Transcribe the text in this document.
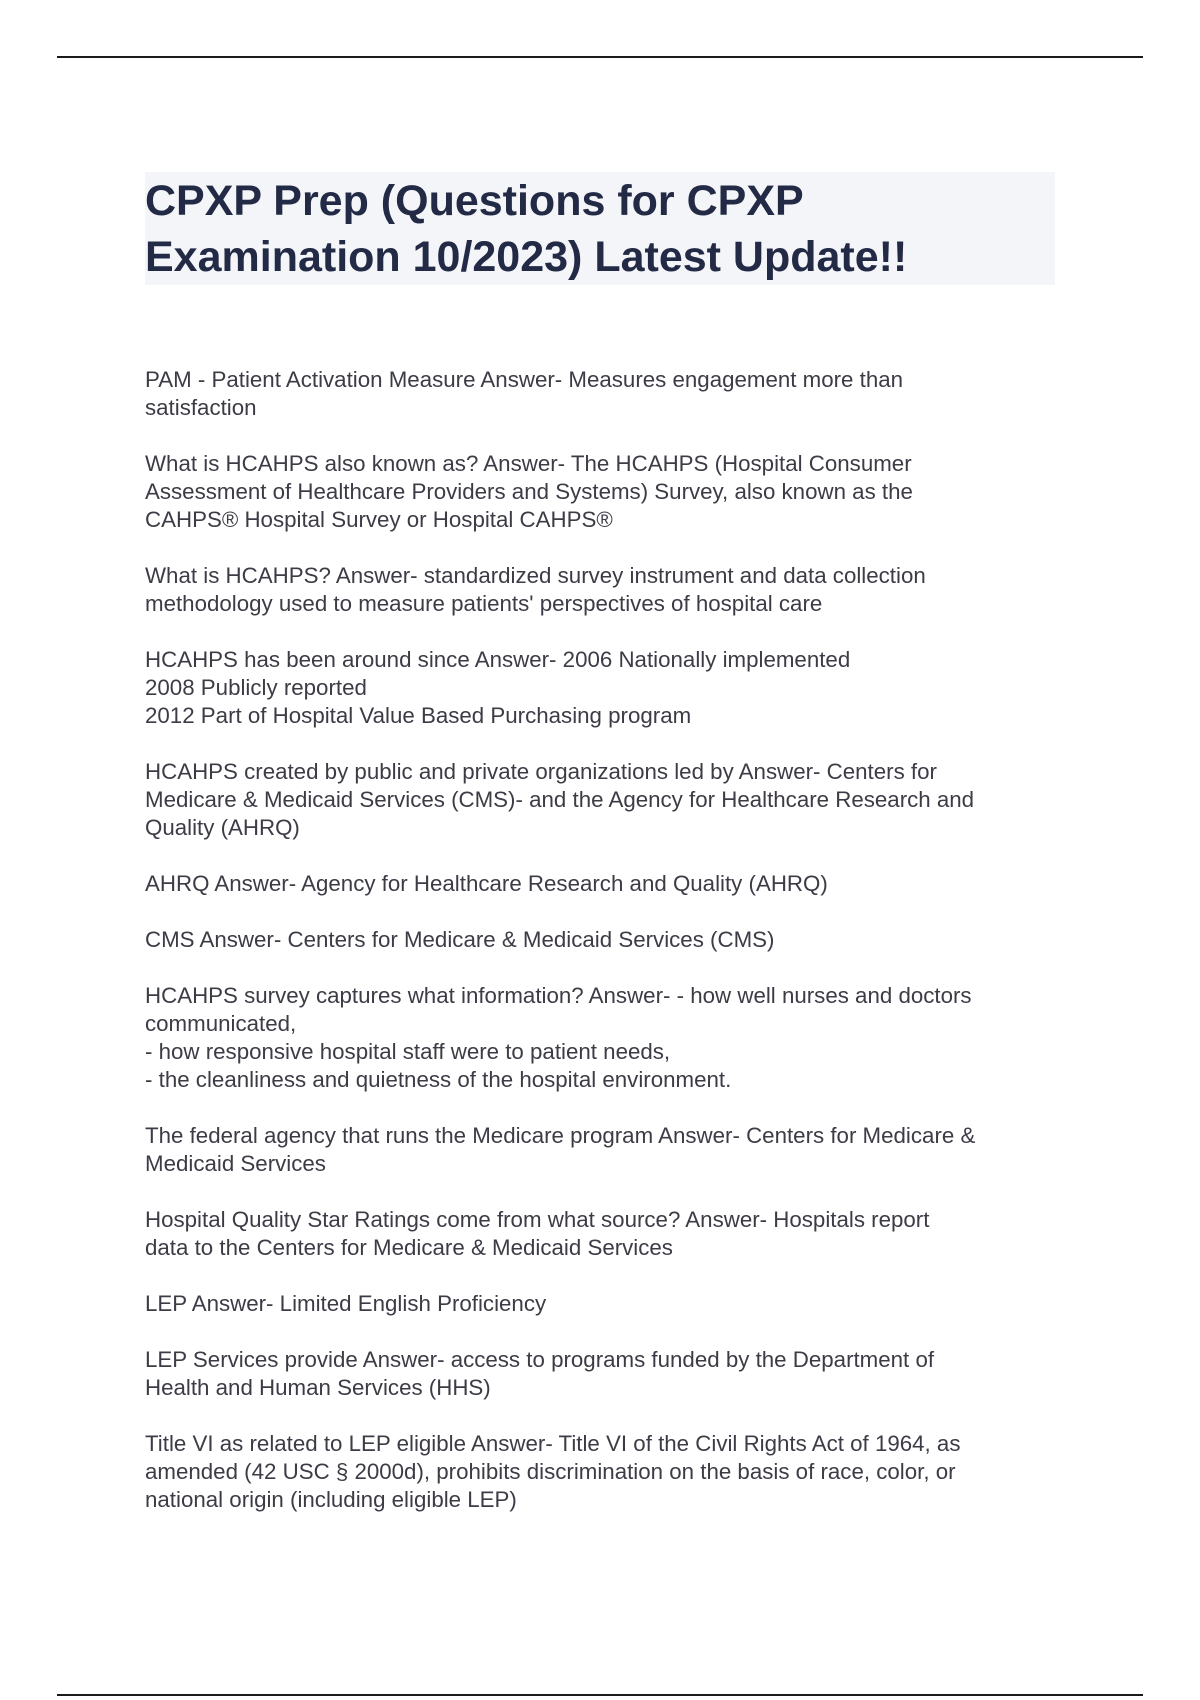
CPXP Prep (Questions for CPXP
Examination 10/2023) Latest Update!!

PAM - Patient Activation Measure Answer- Measures engagement more than
satisfaction

What is HCAHPS also known as? Answer- The HCAHPS (Hospital Consumer
Assessment of Healthcare Providers and Systems) Survey, also known as the
CAHPS® Hospital Survey or Hospital CAHPS®

What is HCAHPS? Answer- standardized survey instrument and data collection
methodology used to measure patients' perspectives of hospital care

HCAHPS has been around since Answer- 2006 Nationally implemented
2008 Publicly reported
2012 Part of Hospital Value Based Purchasing program

HCAHPS created by public and private organizations led by Answer- Centers for
Medicare & Medicaid Services (CMS)- and the Agency for Healthcare Research and
Quality (AHRQ)

AHRQ Answer- Agency for Healthcare Research and Quality (AHRQ)

CMS Answer- Centers for Medicare & Medicaid Services (CMS)

HCAHPS survey captures what information? Answer- - how well nurses and doctors
communicated,
- how responsive hospital staff were to patient needs,
- the cleanliness and quietness of the hospital environment.

The federal agency that runs the Medicare program Answer- Centers for Medicare &
Medicaid Services

Hospital Quality Star Ratings come from what source? Answer- Hospitals report
data to the Centers for Medicare & Medicaid Services

LEP Answer- Limited English Proficiency

LEP Services provide Answer- access to programs funded by the Department of
Health and Human Services (HHS)

Title VI as related to LEP eligible Answer- Title VI of the Civil Rights Act of 1964, as
amended (42 USC § 2000d), prohibits discrimination on the basis of race, color, or
national origin (including eligible LEP)
